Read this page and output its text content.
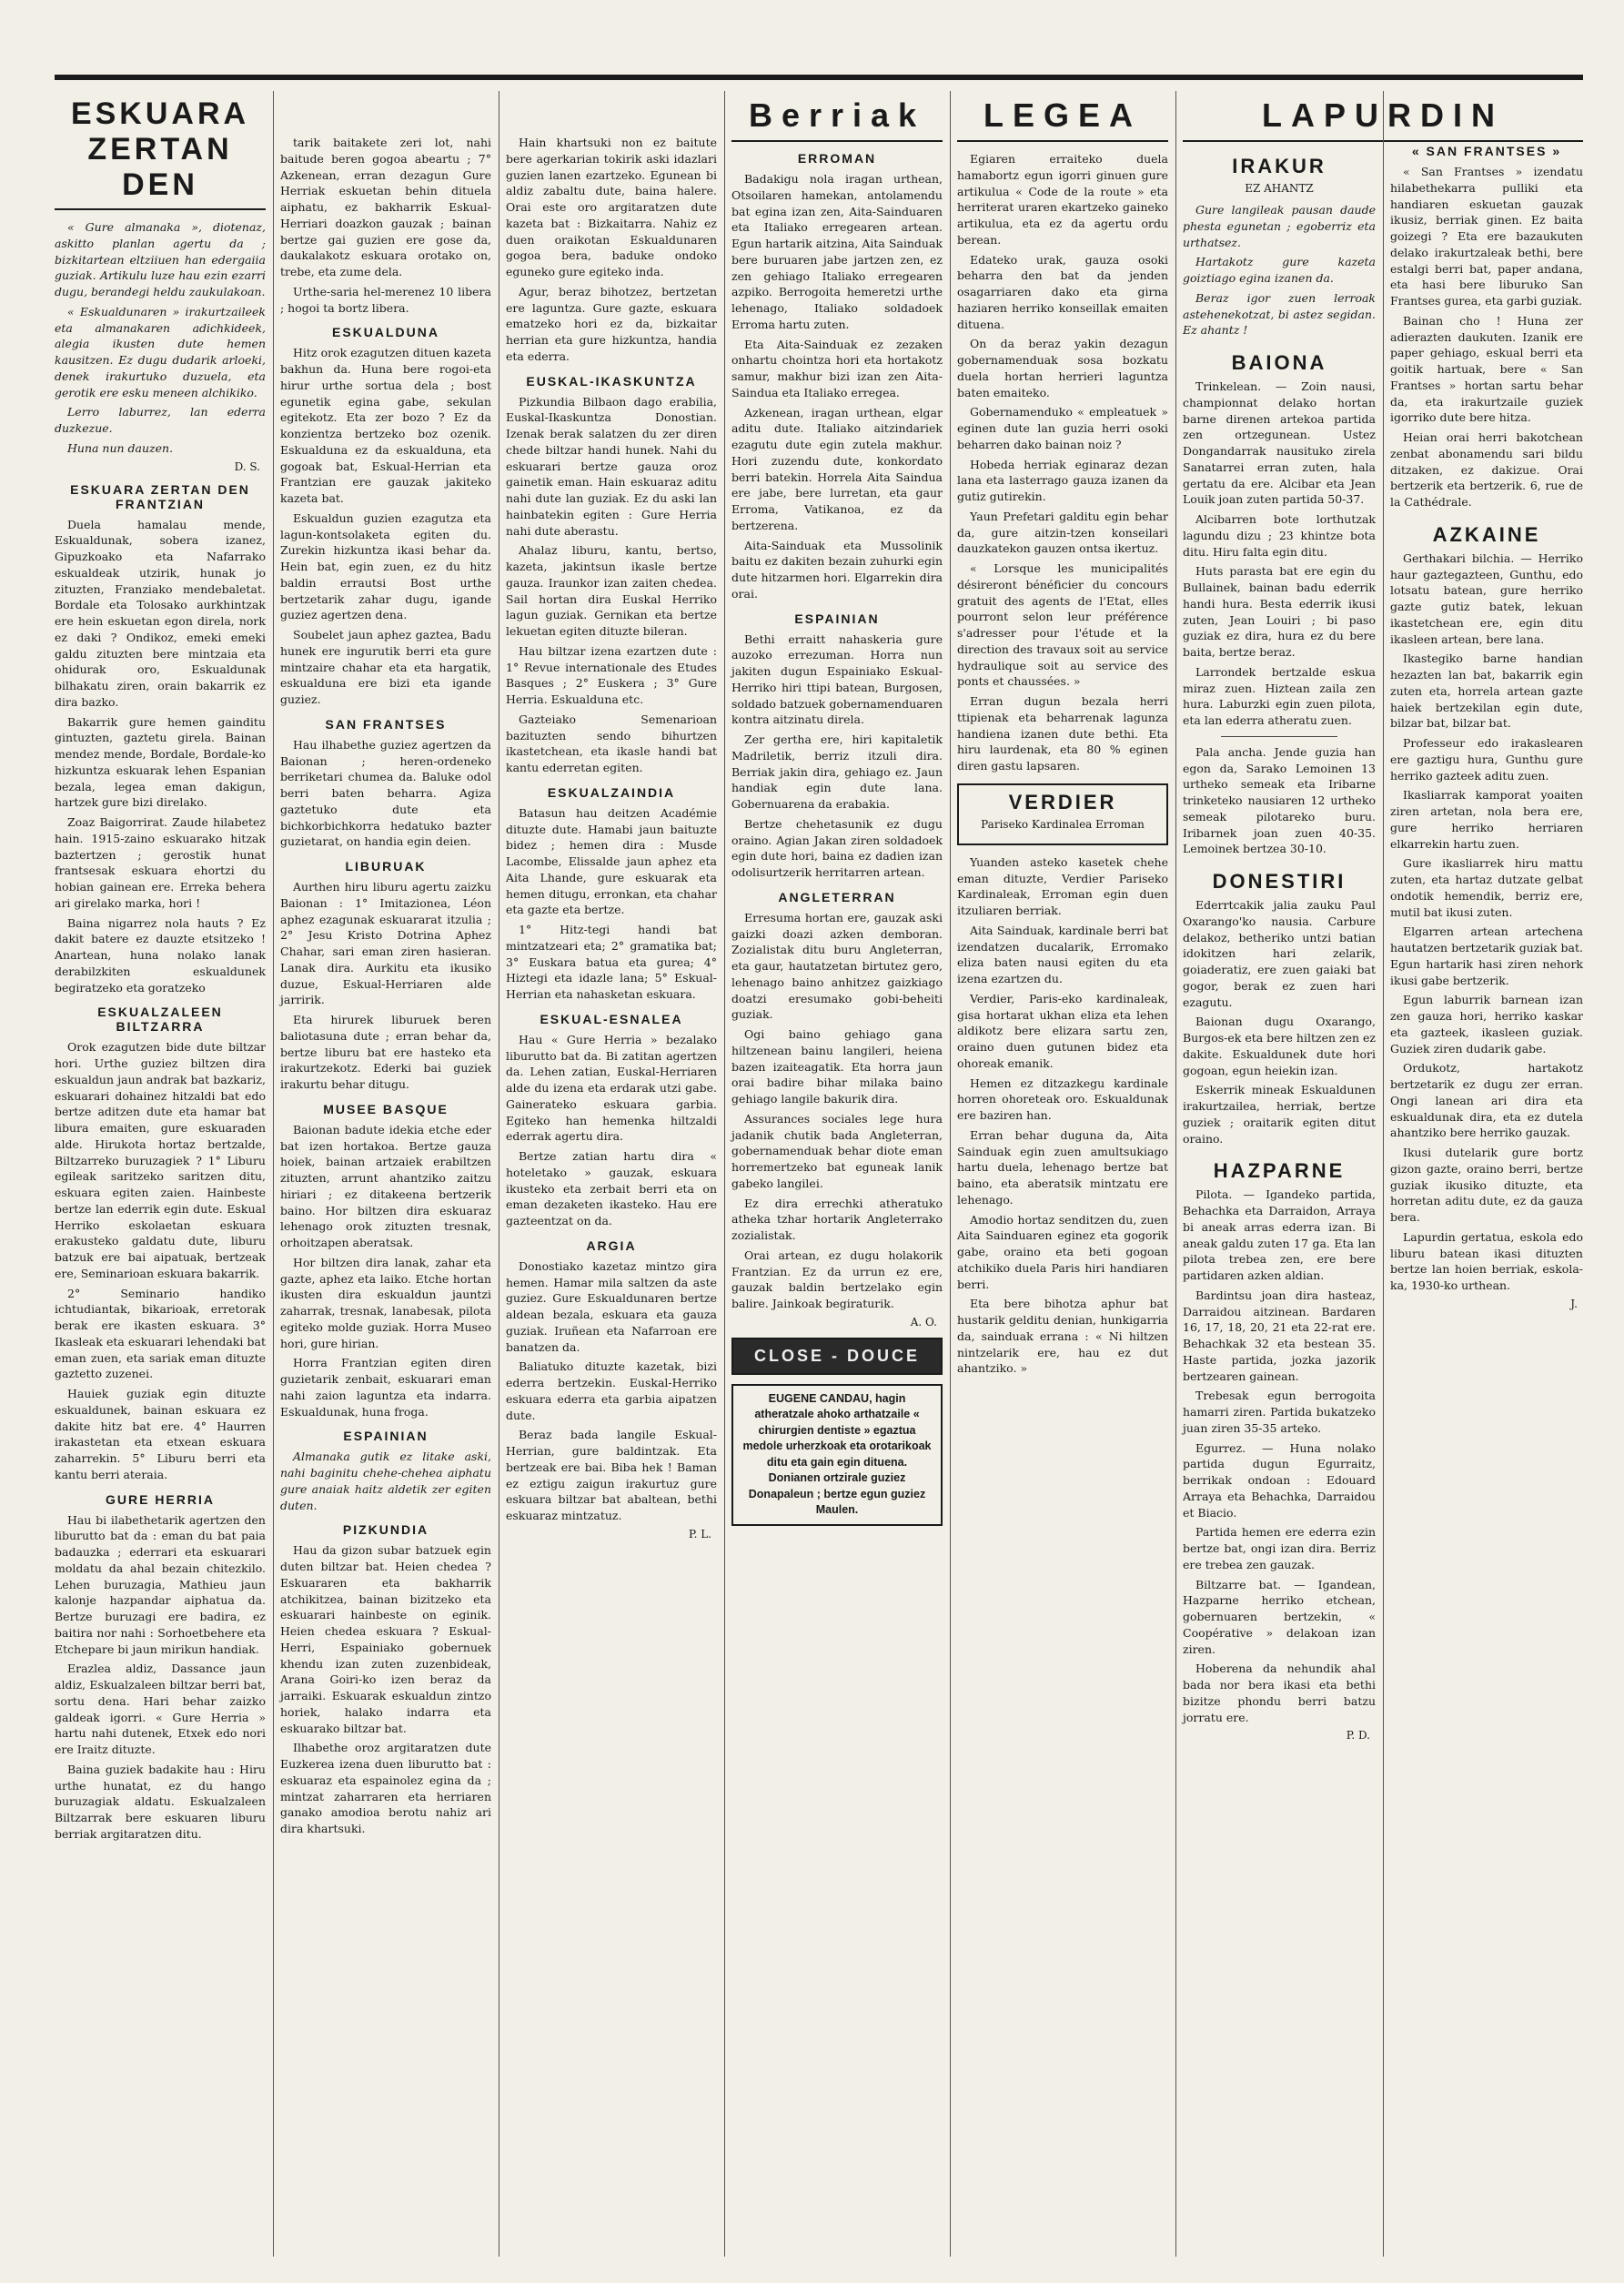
ESKUARA ZERTAN DEN

« Gure almanaka », diotenaz, askitto planlan agertu da ; bizkitartean eltziiuen han edergaiia guziak. Artikulu luze hau ezin ezarri dugu, berandegi heldu zaukulakoan.

« Eskualdunaren » irakurtzaileek eta almanakaren adichkideek, alegia ikusten dute hemen kausitzen. Ez dugu dudarik arloeki, denek irakurtuko duzuela, eta gerotik ere esku meneen alchikiko.

Lerro laburrez, lan ederra duzkezue.

Huna nun dauzen.

D. S.
ESKUARA ZERTAN DEN FRANTZIAN

Duela hamalau mende, Eskualdunak, sobera izanez, Gipuzkoako eta Nafarrako eskualdeak utzirik, hunak jo zituzten, Franziako mendebaletat. Bordale eta Tolosako aurkhintzak ere hein eskuetan egon direla, nork ez daki ? Ondikoz, emeki emeki galdu zituzten bere mintzaia eta ohidurak oro, Eskualdunak bilhakatu ziren, orain bakarrik ez dira bazko.

Bakarrik gure hemen gainditu gintuzten, gaztetu girela. Bainan mendez mende, Bordale, Bordale-ko hizkuntza eskuarak lehen Espanian bezala, legea eman dakigun, hartzek gure bizi direlako.

Zoaz Baigorrirat. Zaude hilabetez hain. 1915-zaino eskuarako hitzak baztertzen ; gerostik hunat frantsesak eskuara ehortzi du hobian gainean ere. Erreka behera ari girelako marka, hori !

Baina nigarrez nola hauts ? Ez dakit batere ez dauzte etsitzeko ! Anartean, huna nolako lanak derabilzkiten eskualdunek begiratzeko eta goratzeko

ESKUALZALEEN BILTZARRA

Orok ezagutzen bide dute biltzar hori. Urthe guziez biltzen dira eskualdun jaun andrak bat bazkariz, eskuarari dohainez hitzaldi bat edo bertze aditzen dute eta hamar bat libura emaiten, gure eskuaraden alde. Hirukota hortaz bertzalde, Biltzarreko buruzagiek ? 1° Liburu egileak saritzeko saritzen ditu, eskuara egiten zaien. Hainbeste bertze lan ederrik egin dute. Eskual Herriko eskolaetan eskuara erakusteko galdatu dute, liburu batzuk ere bai aipatuak, bertzeak ere, Seminarioan eskuara bakarrik.

2° Seminario handiko ichtudiantak, bikarioak, erretorak berak ere ikasten eskuara. 3° Ikasleak eta eskuarari lehendaki bat eman zuen, eta sariak eman dituzte gaztetto zuzenei.

Hauiek guziak egin dituzte eskualdunek, bainan eskuara ez dakite hitz bat ere. 4° Haurren irakastetan eta etxean eskuara zaharrekin. 5° Liburu berri eta kantu berri ateraia.

GURE HERRIA

Hau bi ilabethetarik agertzen den liburutto bat da : eman du bat paia badauzka ; ederrari eta eskuarari moldatu da ahal bezain chitezkilo. Lehen buruzagia, Mathieu jaun kalonje hazpandar aiphatua da. Bertze buruzagi ere badira, ez baitira nor nahi : Sorhoetbehere eta Etchepare bi jaun mirikun handiak.

Erazlea aldiz, Dassance jaun aldiz, Eskualzaleen biltzar berri bat, sortu dena. Hari behar zaizko galdeak igorri. « Gure Herria » hartu nahi dutenek, Etxek edo nori ere Iraitz dituzte.

Baina guziek badakite hau : Hiru urthe hunatat, ez du hango buruzagiak aldatu. Eskualzaleen Biltzarrak bere eskuaren liburu berriak argitaratzen ditu.

tarik baitakete zeri lot, nahi baitude beren gogoa abeartu ; 7° Azkenean, erran dezagun Gure Herriak eskuetan behin dituela aiphatu, ez bakharrik Eskual-Herriari doazkon gauzak ; bainan bertze gai guzien ere gose da, daukalakotz eskuara orotako on, trebe, eta zume dela.

Urthe-saria hel-merenez 10 libera ; hogoi ta bortz libera.

ESKUALDUNA

Hitz orok ezagutzen dituen kazeta bakhun da. Huna bere rogoi-eta hirur urthe sortua dela ; bost egunetik egina gabe, sekulan egitekotz. Eta zer bozo ? Ez da konzientza bertzeko boz ozenik. Eskualduna ez da eskualduna, eta gogoak bat, Eskual-Herrian eta Frantzian ere gauzak jakiteko kazeta bat.

Eskualdun guzien ezagutza eta lagun-kontsolaketa egiten du. Zurekin hizkuntza ikasi behar da. Hein bat, egin zuen, ez du hitz baldin errautsi Bost urthe bertzetarik zahar dugu, igande guziez agertzen dena.

Soubelet jaun aphez gaztea, Badu hunek ere ingurutik berri eta gure mintzaire chahar eta eta hargatik, eskualduna ere bizi eta igande guziez.

SAN FRANTSES

Hau ilhabethe guziez agertzen da Baionan ; heren-ordeneko berriketari chumea da. Baluke odol berri baten beharra. Agiza gaztetuko dute eta bichkorbichkorra hedatuko bazter guzietarat, on handia egin deien.

LIBURUAK

Aurthen hiru liburu agertu zaizku Baionan : 1° Imitazionea, Léon aphez ezagunak eskuararat itzulia ; 2° Jesu Kristo Dotrina Aphez Chahar, sari eman ziren hasieran. Lanak dira. Aurkitu eta ikusiko duzue, Eskual-Herriaren alde jarririk.

Eta hirurek liburuek beren baliotasuna dute ; erran behar da, bertze liburu bat ere hasteko eta irakurtzekotz. Ederki bai guziek irakurtu behar ditugu.

MUSEE BASQUE

Baionan badute idekia etche eder bat izen hortakoa. Bertze gauza hoiek, bainan artzaiek erabiltzen zituzten, arrunt ahantziko zaitzu hiriari ; ez ditakeena bertzerik baino. Hor biltzen dira eskuaraz lehenago orok zituzten tresnak, orhoitzapen aberatsak.

Hor biltzen dira lanak, zahar eta gazte, aphez eta laiko. Etche hortan ikusten dira eskualdun jauntzi zaharrak, tresnak, lanabesak, pilota egiteko molde guziak. Horra Museo hori, gure hirian.

Horra Frantzian egiten diren guzietarik zenbait, eskuarari eman nahi zaion laguntza eta indarra. Eskualdunak, huna froga.

ESPAINIAN

Almanaka gutik ez litake aski, nahi baginitu chehe-chehea aiphatu gure anaiak haitz aldetik zer egiten duten.

PIZKUNDIA

Hau da gizon subar batzuek egin duten biltzar bat. Heien chedea ? Eskuararen eta bakharrik atchikitzea, bainan bizitzeko eta eskuarari hainbeste on eginik. Heien chedea eskuara ? Eskual-Herri, Espainiako gobernuek khendu izan zuten zuzenbideak, Arana Goiri-ko izen beraz da jarraiki. Eskuarak eskualdun zintzo horiek, halako indarra eta eskuarako biltzar bat.

Ilhabethe oroz argitaratzen dute Euzkerea izena duen liburutto bat : eskuaraz eta espainolez egina da ; mintzat zaharraren eta herriaren ganako amodioa berotu nahiz ari dira khartsuki.

Hain khartsuki non ez baitute bere agerkarian tokirik aski idazlari guzien lanen ezartzeko. Egunean bi aldiz zabaltu dute, baina halere. Orai este oro argitaratzen dute kazeta bat : Bizkaitarra. Nahiz ez duen oraikotan Eskualdunaren gogoa bera, baduke ondoko eguneko gure egiteko inda.

Agur, beraz bihotzez, bertzetan ere laguntza. Gure gazte, eskuara ematzeko hori ez da, bizkaitar herrian eta gure hizkuntza, handia eta ederra.

EUSKAL-IKASKUNTZA

Pizkundia Bilbaon dago erabilia, Euskal-Ikaskuntza Donostian. Izenak berak salatzen du zer diren chede biltzar handi hunek. Nahi du eskuarari bertze gauza oroz gainetik eman. Hain eskuaraz aditu nahi dute lan guziak. Ez du aski lan hainbatekin egiten : Gure Herria nahi dute aberastu.

Ahalaz liburu, kantu, bertso, kazeta, jakintsun ikasle bertze gauza. Iraunkor izan zaiten chedea. Sail hortan dira Euskal Herriko lagun guziak. Gernikan eta bertze lekuetan egiten dituzte bileran.

Hau biltzar izena ezartzen dute : 1° Revue internationale des Etudes Basques ; 2° Euskera ; 3° Gure Herria. Eskualduna etc.

Gazteiako Semenarioan bazituzten sendo bihurtzen ikastetchean, eta ikasle handi bat kantu ederretan egiten.

ESKUALZAINDIA

Batasun hau deitzen Académie dituzte dute. Hamabi jaun baituzte bidez ; hemen dira : Musde Lacombe, Elissalde jaun aphez eta Aita Lhande, gure eskuarak eta hemen ditugu, erronkan, eta chahar eta gazte eta bertze.

1° Hitz-tegi handi bat mintzatzeari eta; 2° gramatika bat; 3° Euskara batua eta gurea; 4° Hiztegi eta idazle lana; 5° Eskual-Herrian eta nahasketan eskuara.

ESKUAL-ESNALEA

Hau « Gure Herria » bezalako liburutto bat da. Bi zatitan agertzen da. Lehen zatian, Euskal-Herriaren alde du izena eta erdarak utzi gabe. Gainerateko eskuara garbia. Egiteko han hemenka hiltzaldi ederrak agertu dira.

Bertze zatian hartu dira « hoteletako » gauzak, eskuara ikusteko eta zerbait berri eta on eman dezaketen ikasteko. Hau ere gazteentzat on da.

ARGIA

Donostiako kazetaz mintzo gira hemen. Hamar mila saltzen da aste guziez. Gure Eskualdunaren bertze aldean bezala, eskuara eta gauza guziak. Iruñean eta Nafarroan ere banatzen da.

Baliatuko dituzte kazetak, bizi ederra bertzekin. Euskal-Herriko eskuara ederra eta garbia aipatzen dute.

Beraz bada langile Eskual-Herrian, gure baldintzak. Eta bertzeak ere bai. Biba hek ! Baman ez eztigu zaigun irakurtuz gure eskuara biltzar bat abaltean, bethi eskuaraz mintzatuz.

P. L.
Berriak
ERROMAN

Badakigu nola iragan urthean, Otsoilaren hamekan, antolamendu bat egina izan zen, Aita-Sainduaren eta Italiako erregearen artean. Egun hartarik aitzina, Aita Sainduak bere buruaren jabe jartzen zen, ez zen gehiago Italiako erregearen azpiko. Berrogoita hemeretzi urthe lehenago, Italiako soldadoek Erroma hartu zuten.

Eta Aita-Sainduak ez zezaken onhartu chointza hori eta hortakotz samur, makhur bizi izan zen Aita-Saindua eta Italiako erregea.

Azkenean, iragan urthean, elgar aditu dute. Italiako aitzindariek ezagutu dute egin zutela makhur. Hori zuzendu dute, konkordato berri batekin. Horrela Aita Saindua ere jabe, bere lurretan, eta gaur Erroma, Vatikanoa, ez da bertzerena.

Aita-Sainduak eta Mussolinik baitu ez dakiten bezain zuhurki egin dute hitzarmen hori. Elgarrekin dira orai.

ESPAINIAN

Bethi erraitt nahaskeria gure auzoko errezuman. Horra nun jakiten dugun Espainiako Eskual-Herriko hiri ttipi batean, Burgosen, soldado batzuek gobernamenduaren kontra aitzinatu direla.

Zer gertha ere, hiri kapitaletik Madriletik, berriz itzuli dira. Berriak jakin dira, gehiago ez. Jaun handiak egin dute lana. Gobernuarena da erabakia.

Bertze chehetasunik ez dugu oraino. Agian Jakan ziren soldadoek egin dute hori, baina ez dadien izan odolisurtzerik herritarren artean.

ANGLETERRAN

Erresuma hortan ere, gauzak aski gaizki doazi azken demboran. Zozialistak ditu buru Angleterran, eta gaur, hautatzetan birtutez gero, lehenago baino anhitzez gaizkiago doatzi eresumako gobi-beheiti guziak.

Ogi baino gehiago gana hiltzenean bainu langileri, heiena bazen izaiteagatik. Eta horra jaun orai badire bihar milaka baino gehiago langile bakurik dira.

Assurances sociales lege hura jadanik chutik bada Angleterran, gobernamenduak behar diote eman horremertzeko bat eguneak lanik gabeko langilei.

Ez dira errechki atheratuko atheka tzhar hortarik Angleterrako zozialistak.

Orai artean, ez dugu holakorik Frantzian. Ez da urrun ez ere, gauzak baldin bertzelako egin balire. Jainkoak begiraturik.

A. O.
CLOSE - DOUCE
EUGENE CANDAU, hagin atheratzale ahoko arthatzaile « chirurgien dentiste » egaztua medole urherzkoak eta orotarikoak ditu eta gain egin dituena. Donianen ortzirale guziez Donapaleun ; bertze egun guziez Maulen.
LEGEA

Egiaren erraiteko duela hamabortz egun igorri ginuen gure artikulua « Code de la route » eta herriterat uraren ekartzeko gaineko artikulua, eta ez da agertu ordu berean.

Edateko urak, gauza osoki beharra den bat da jenden osagarriaren dako eta girna haziaren herriko konseillak emaiten dituena.

On da beraz yakin dezagun gobernamenduak sosa bozkatu duela hortan herrieri laguntza baten emaiteko.

Gobernamenduko « empleatuek » eginen dute lan guzia herri osoki beharren dako bainan noiz ?

Hobeda herriak eginaraz dezan lana eta lasterrago gauza izanen da gutiz gutirekin.

Yaun Prefetari galditu egin behar da, gure aitzin-tzen konseilari dauzkatekon gauzen ontsa ikertuz.

« Lorsque les municipalités désireront bénéficier du concours gratuit des agents de l'Etat, elles pourront selon leur préférence s'adresser pour l'étude et la direction des travaux soit au service hydraulique soit au service des ponts et chaussées. »

Erran dugun bezala herri ttipienak eta beharrenak lagunza handiena izanen dute bethi. Eta hiru laurdenak, eta 80 % eginen diren gastu lapsaren.

VERDIER
Pariseko Kardinalea Erroman

Yuanden asteko kasetek chehe eman dituzte, Verdier Pariseko Kardinaleak, Erroman egin duen itzuliaren berriak.

Aita Sainduak, kardinale berri bat izendatzen ducalarik, Erromako eliza baten nausi egiten du eta izena ezartzen du.

Verdier, Paris-eko kardinaleak, gisa hortarat ukhan eliza eta lehen aldikotz bere elizara sartu zen, oraino duen gutunen bidez eta ohoreak emanik.

Hemen ez ditzazkegu kardinale horren ohoreteak oro. Eskualdunak ere baziren han.

Erran behar duguna da, Aita Sainduak egin zuen amultsukiago hartu duela, lehenago bertze bat baino, eta aberatsik mintzatu ere lehenago.

Amodio hortaz senditzen du, zuen Aita Sainduaren eginez eta gogorik gabe, oraino eta beti gogoan atchikiko duela Paris hiri handiaren berri.

Eta bere bihotza aphur bat hustarik gelditu denian, hunkigarria da, sainduak errana : « Ni hiltzen nintzelarik ere, hau ez dut ahantziko. »

LAPURDIN
IRAKUR
EZ AHANTZ

Gure langileak pausan daude phesta egunetan ; egoberriz eta urthatsez.

Hartakotz gure kazeta goiztiago egina izanen da.

Beraz igor zuen lerroak astehenekotzat, bi astez segidan. Ez ahantz !

BAIONA

Trinkelean. — Zoin nausi, championnat delako hortan barne direnen artekoa partida zen ortzegunean. Ustez Dongandarrak nausituko zirela Sanatarrei erran zuten, hala gertatu da ere. Alcibar eta Jean Louik joan zuten partida 50-37.

Alcibarren bote lorthutzak lagundu dizu ; 23 khintze bota ditu. Hiru falta egin ditu.

Huts parasta bat ere egin du Bullainek, bainan badu ederrik handi hura. Besta ederrik ikusi zuten, Jean Louiri ; bi paso guziak ez dira, hura ez du bere baita, bertze beraz.

Larrondek bertzalde eskua miraz zuen. Hiztean zaila zen hura. Laburzki egin zuen pilota, eta lan ederra atheratu zuen.

Pala ancha. Jende guzia han egon da, Sarako Lemoinen 13 urtheko semeak eta Iribarne trinketeko nausiaren 12 urtheko semeak pilotareko buru. Iribarnek joan zuen 40-35. Lemoinek bertzea 30-10.

DONESTIRI

Ederrtcakik jalia zauku Paul Oxarango'ko nausia. Carbure delakoz, betheriko untzi batian idokitzen hari zelarik, goiaderatiz, ere zuen gaiaki bat gogor, berak ez zuen hari ezagutu.

Baionan dugu Oxarango, Burgos-ek eta bere hiltzen zen ez dakite. Eskualdunek dute hori gogoan, egun heiekin izan.

Eskerrik mineak Eskualdunen irakurtzailea, herriak, bertze guziek ; oraitarik egiten ditut oraino.

HAZPARNE

Pilota. — Igandeko partida, Behachka eta Darraidon, Arraya bi aneak arras ederra izan. Bi aneak galdu zuten 17 ga. Eta lan pilota trebea zen, ere bere partidaren azken aldian.

Bardintsu joan dira hasteaz, Darraidou aitzinean. Bardaren 16, 17, 18, 20, 21 eta 22-rat ere. Behachkak 32 eta bestean 35. Haste partida, jozka jazorik bertzearen gainean.

Trebesak egun berrogoita hamarri ziren. Partida bukatzeko juan ziren 35-35 arteko.

Egurrez. — Huna nolako partida dugun Egurraitz, berrikak ondoan : Edouard Arraya eta Behachka, Darraidou et Biacio.

Partida hemen ere ederra ezin bertze bat, ongi izan dira. Berriz ere trebea zen gauzak.

Biltzarre bat. — Igandean, Hazparne herriko etchean, gobernuaren bertzekin, « Coopérative » delakoan izan ziren.

Hoberena da nehundik ahal bada nor bera ikasi eta bethi bizitze phondu berri batzu jorratu ere.

P. D.
« SAN FRANTSES »

« San Frantses » izendatu hilabethekarra pulliki eta handiaren eskuetan gauzak ikusiz, berriak ginen. Ez baita goizegi ? Eta ere bazaukuten delako irakurtzaleak bethi, bere estalgi berri bat, paper andana, eta hasi bere liburuko San Frantses gurea, eta garbi guziak.

Bainan cho ! Huna zer adierazten daukuten. Izanik ere paper gehiago, eskual berri eta goitik hartuak, bere « San Frantses » hortan sartu behar da, eta irakurtzaile guziek igorriko dute bere hitza.

Heian orai herri bakotchean zenbat abonamendu sari bildu ditzaken, ez dakizue. Orai bertzerik eta bertzerik. 6, rue de la Cathédrale.

AZKAINE

Gerthakari bilchia. — Herriko haur gaztegazteen, Gunthu, edo lotsatu batean, gure herriko gazte gutiz batek, lekuan ikastetchean ere, egin ditu ikasleen artean, bere lana.

Ikastegiko barne handian hezazten lan bat, bakarrik egin zuten eta, horrela artean gazte haiek bertzekilan egin dute, bilzar bat, bilzar bat.

Professeur edo irakaslearen ere gaztigu hura, Gunthu gure herriko gazteek aditu zuen.

Ikasliarrak kamporat yoaiten ziren artetan, nola bera ere, gure herriko herriaren elkarrekin hartu zuen.

Gure ikasliarrek hiru mattu zuten, eta hartaz dutzate gelbat ondotik hemendik, berriz ere, mutil bat ikusi zuten.

Elgarren artean artechena hautatzen bertzetarik guziak bat. Egun hartarik hasi ziren nehork ikusi gabe bertzerik.

Egun laburrik barnean izan zen gauza hori, herriko kaskar eta gazteek, ikasleen guziak. Guziek ziren dudarik gabe.

Ordukotz, hartakotz bertzetarik ez dugu zer erran. Ongi lanean ari dira eta eskualdunak dira, eta ez dutela ahantziko bere herriko gauzak.

Ikusi dutelarik gure bortz gizon gazte, oraino berri, bertze guziak ikusiko dituzte, eta horretan aditu dute, ez da gauza bera.

Lapurdin gertatua, eskola edo liburu batean ikasi dituzten bertze lan hoien berriak, eskola-ka, 1930-ko urthean.

J.
